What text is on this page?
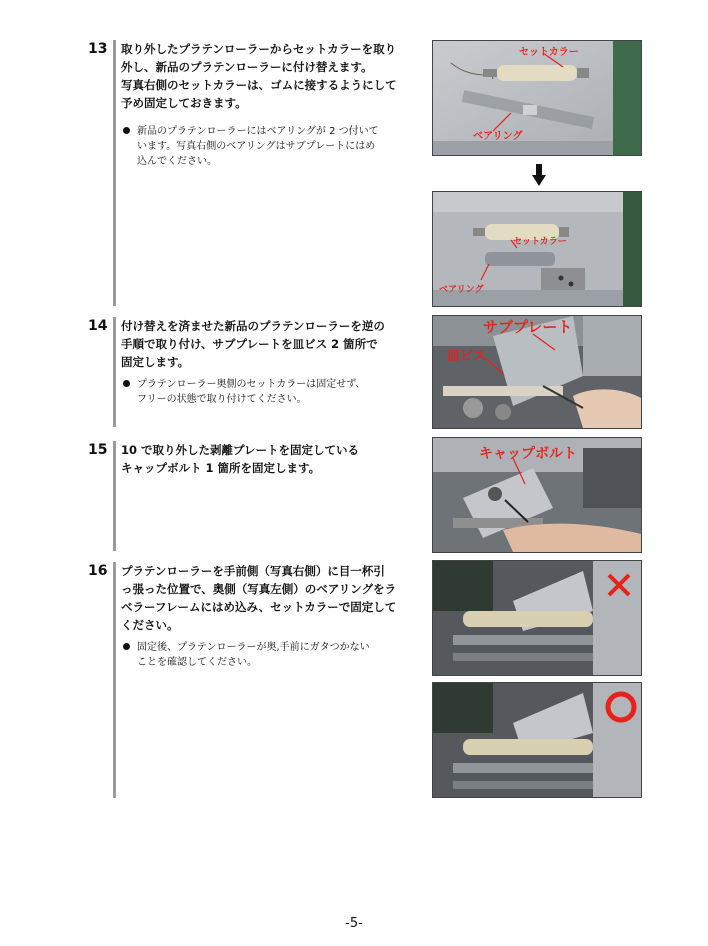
13 取り外したプラテンローラーからセットカラーを取り
外し、新品のプラテンローラーに付け替えます。
写真右側のセットカラーは、ゴムに接するようにして
予め固定しておきます。
新品のプラテンローラーにはベアリングが 2 つ付いて
います。写真右側のベアリングはサブプレートにはめ
込んでください。
セットカラー
ベアリング
セットカラー
ベアリング
14 付け替えを済ませた新品のプラテンローラーを逆の
手順で取り付け、サブプレートを皿ビス 2 箇所で
固定します。
プラテンローラー奥側のセットカラーは固定せず、
フリーの状態で取り付けてください。
サブプレート
皿ビス
15 10 で取り外した剥離プレートを固定している
キャップボルト 1 箇所を固定します。
キャップボルト
16 プラテンローラーを手前側（写真右側）に目一杯引
っ張った位置で、奥側（写真左側）のベアリングをラ
ベラーフレームにはめ込み、セットカラーで固定して
ください。
固定後、プラテンローラーが奥,手前にガタつかない
ことを確認してください。
-5-
